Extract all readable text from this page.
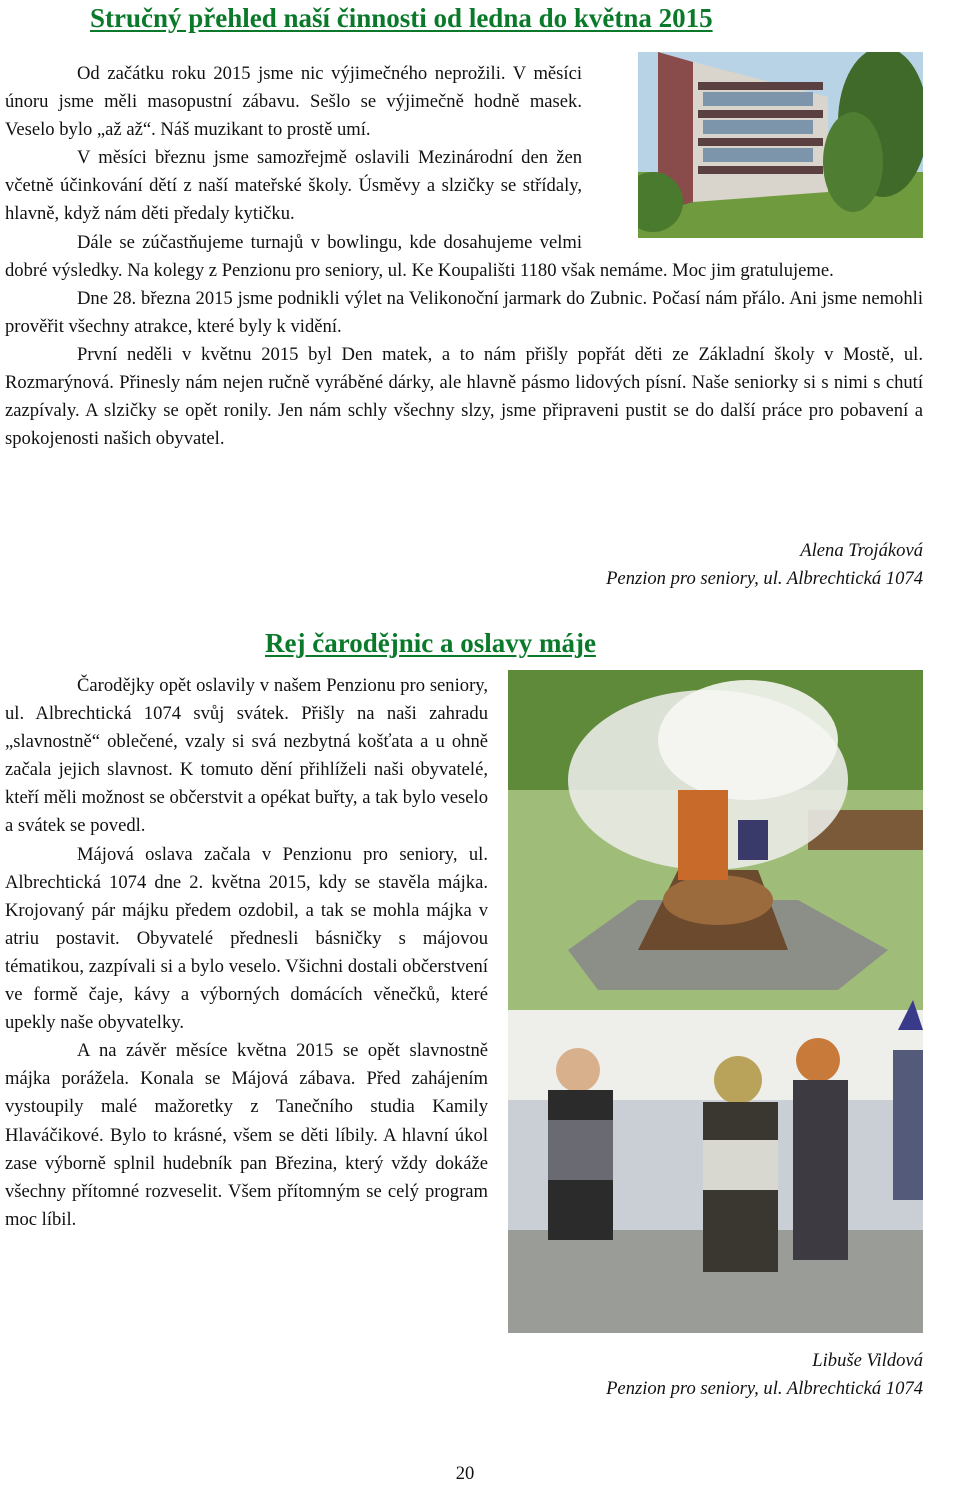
Stručný přehled naší činnosti od ledna do května 2015

Od začátku roku 2015 jsme nic výjimečného neprožili. V měsíci únoru jsme měli masopustní zábavu. Sešlo se výjimečně hodně masek. Veselo bylo „až až“. Náš muzikant to prostě umí.

V měsíci březnu jsme samozřejmě oslavili Mezinárodní den žen včetně účinkování dětí z naší mateřské školy. Úsměvy a slzičky se střídaly, hlavně, když nám děti předaly kytičku.

Dále se zúčastňujeme turnajů v bowlingu, kde dosahujeme velmi dobré výsledky. Na kolegy z Penzionu pro seniory, ul. Ke Koupališti 1180 však nemáme. Moc jim gratulujeme.

Dne 28. března 2015 jsme podnikli výlet na Velikonoční jarmark do Zubnic. Počasí nám přálo. Ani jsme nemohli prověřit všechny atrakce, které byly k vidění.

První neděli v květnu 2015 byl Den matek, a to nám přišly popřát děti ze Základní školy v Mostě, ul. Rozmarýnová. Přinesly nám nejen ručně vyráběné dárky, ale hlavně pásmo lidových písní. Naše seniorky si s nimi s chutí zazpívaly. A slzičky se opět ronily. Jen nám schly všechny slzy, jsme připraveni pustit se do další práce pro pobavení a spokojenosti našich obyvatel.

Alena Trojáková
Penzion pro seniory, ul. Albrechtická 1074
Rej čarodějnic a oslavy máje

Čarodějky opět oslavily v našem Penzionu pro seniory, ul. Albrechtická 1074 svůj svátek. Přišly na naši zahradu „slavnostně“ oblečené, vzaly si svá nezbytná košťata a u ohně začala jejich slavnost. K tomuto dění přihlíželi naši obyvatelé, kteří měli možnost se občerstvit a opékat buřty, a tak bylo veselo a svátek se povedl.

Májová oslava začala v Penzionu pro seniory, ul. Albrechtická 1074 dne 2. května 2015, kdy se stavěla májka. Krojovaný pár májku předem ozdobil, a tak se mohla májka v atriu postavit. Obyvatelé přednesli básničky s májovou tématikou, zazpívali si a bylo veselo. Všichni dostali občerstvení ve formě čaje, kávy a výborných domácích věnečků, které upekly naše obyvatelky.

A na závěr měsíce května 2015 se opět slavnostně májka porážela. Konala se Májová zábava. Před zahájením vystoupily malé mažoretky z Tanečního studia Kamily Hlaváčikové. Bylo to krásné, všem se děti líbily. A hlavní úkol zase výborně splnil hudebník pan Březina, který vždy dokáže všechny přítomné rozveselit. Všem přítomným se celý program moc líbil.

Libuše Vildová
Penzion pro seniory, ul. Albrechtická 1074
20
